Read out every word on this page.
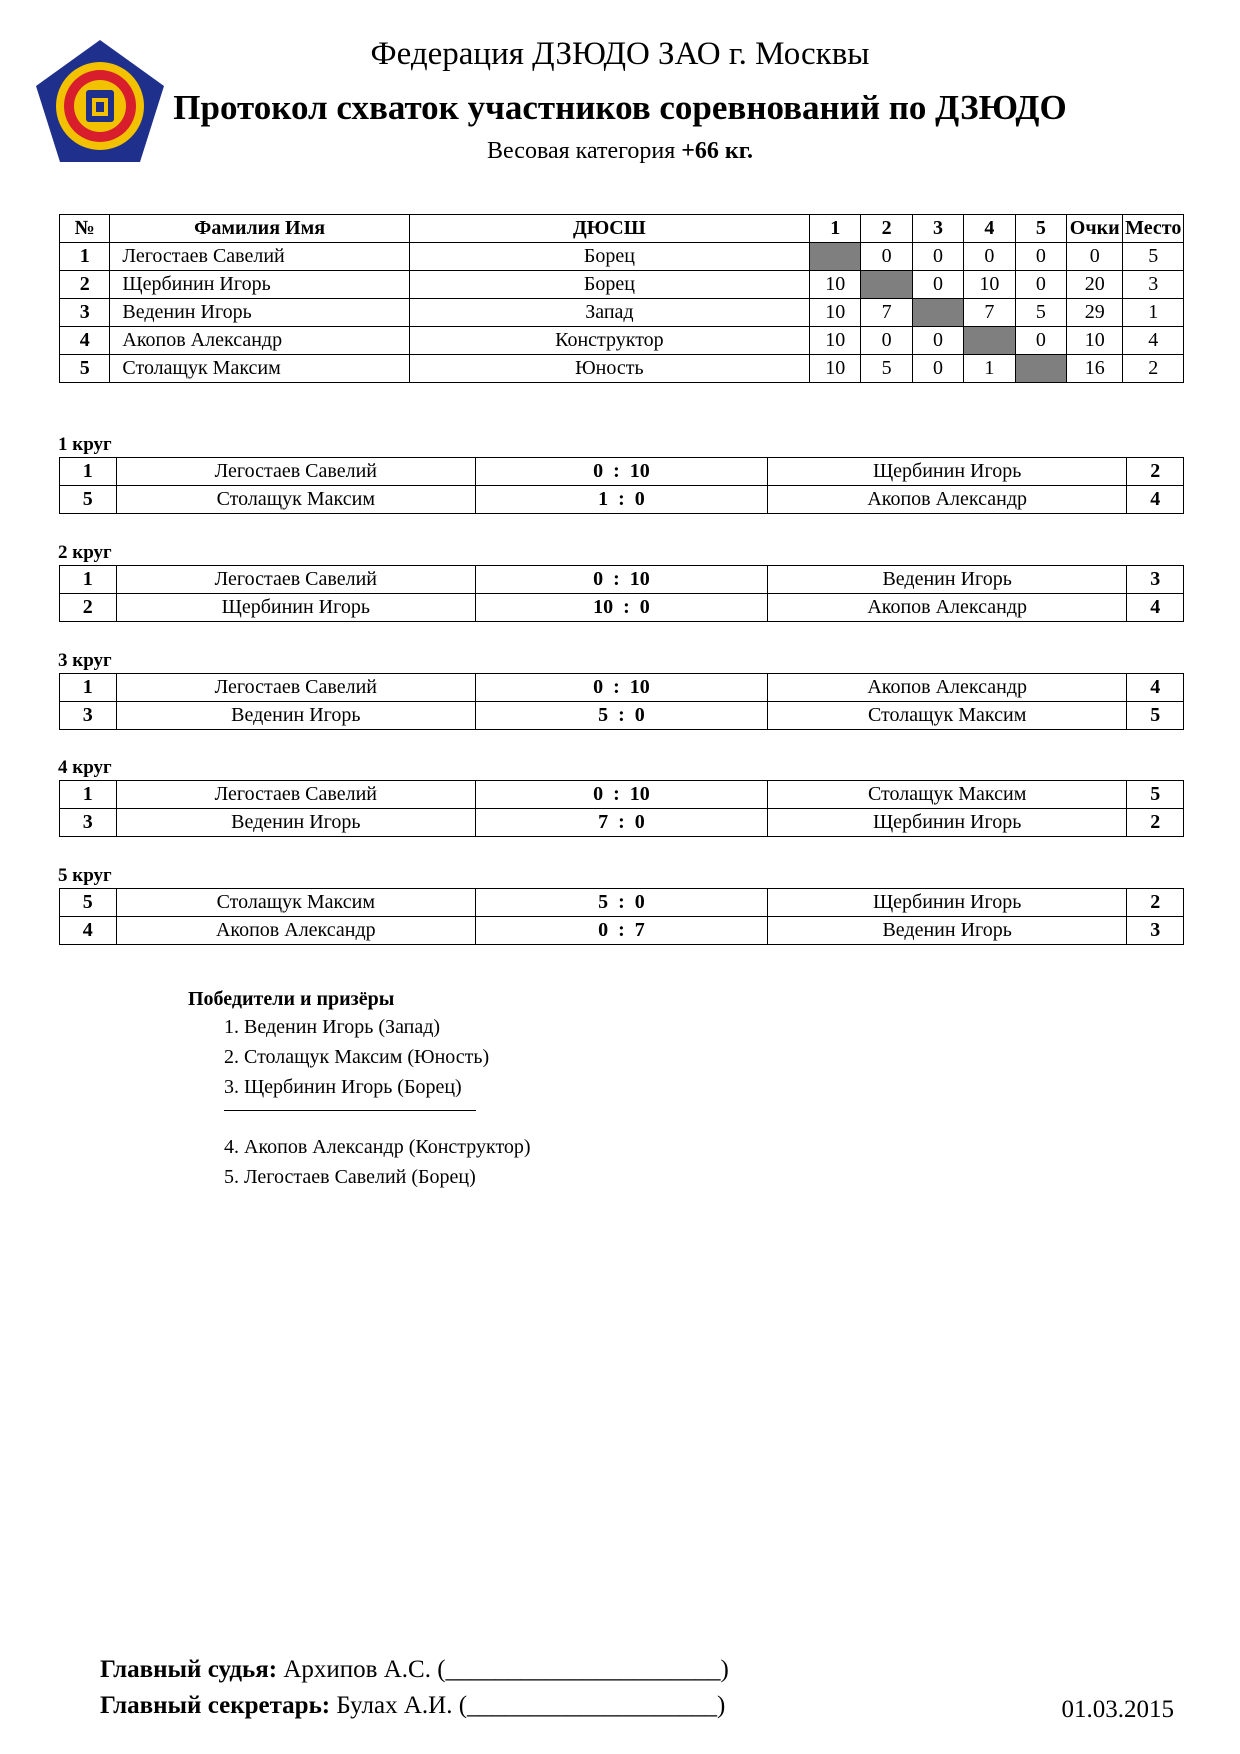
Федерация ДЗЮДО ЗАО г. Москвы
Протокол схваток участников соревнований по ДЗЮДО
Весовая категория +66 кг.
№	Фамилия Имя	ДЮСШ	1	2	3	4	5	Очки	Место
1	Легостаев Савелий	Борец		0	0	0	0	0	5
2	Щербинин Игорь	Борец	10		0	10	0	20	3
3	Веденин Игорь	Запад	10	7		7	5	29	1
4	Акопов Александр	Конструктор	10	0	0		0	10	4
5	Столащук Максим	Юность	10	5	0	1		16	2
1 круг
1	Легостаев Савелий	0  :  10	Щербинин Игорь	2
5	Столащук Максим	1  :  0	Акопов Александр	4
2 круг
1	Легостаев Савелий	0  :  10	Веденин Игорь	3
2	Щербинин Игорь	10  :  0	Акопов Александр	4
3 круг
1	Легостаев Савелий	0  :  10	Акопов Александр	4
3	Веденин Игорь	5  :  0	Столащук Максим	5
4 круг
1	Легостаев Савелий	0  :  10	Столащук Максим	5
3	Веденин Игорь	7  :  0	Щербинин Игорь	2
5 круг
5	Столащук Максим	5  :  0	Щербинин Игорь	2
4	Акопов Александр	0  :  7	Веденин Игорь	3
Победители и призёры
1. Веденин Игорь (Запад)
2. Столащук Максим (Юность)
3. Щербинин Игорь (Борец)
4. Акопов Александр (Конструктор)
5. Легостаев Савелий (Борец)
Главный судья: Архипов А.С. (______________________)
Главный секретарь: Булах А.И. (____________________)	01.03.2015
